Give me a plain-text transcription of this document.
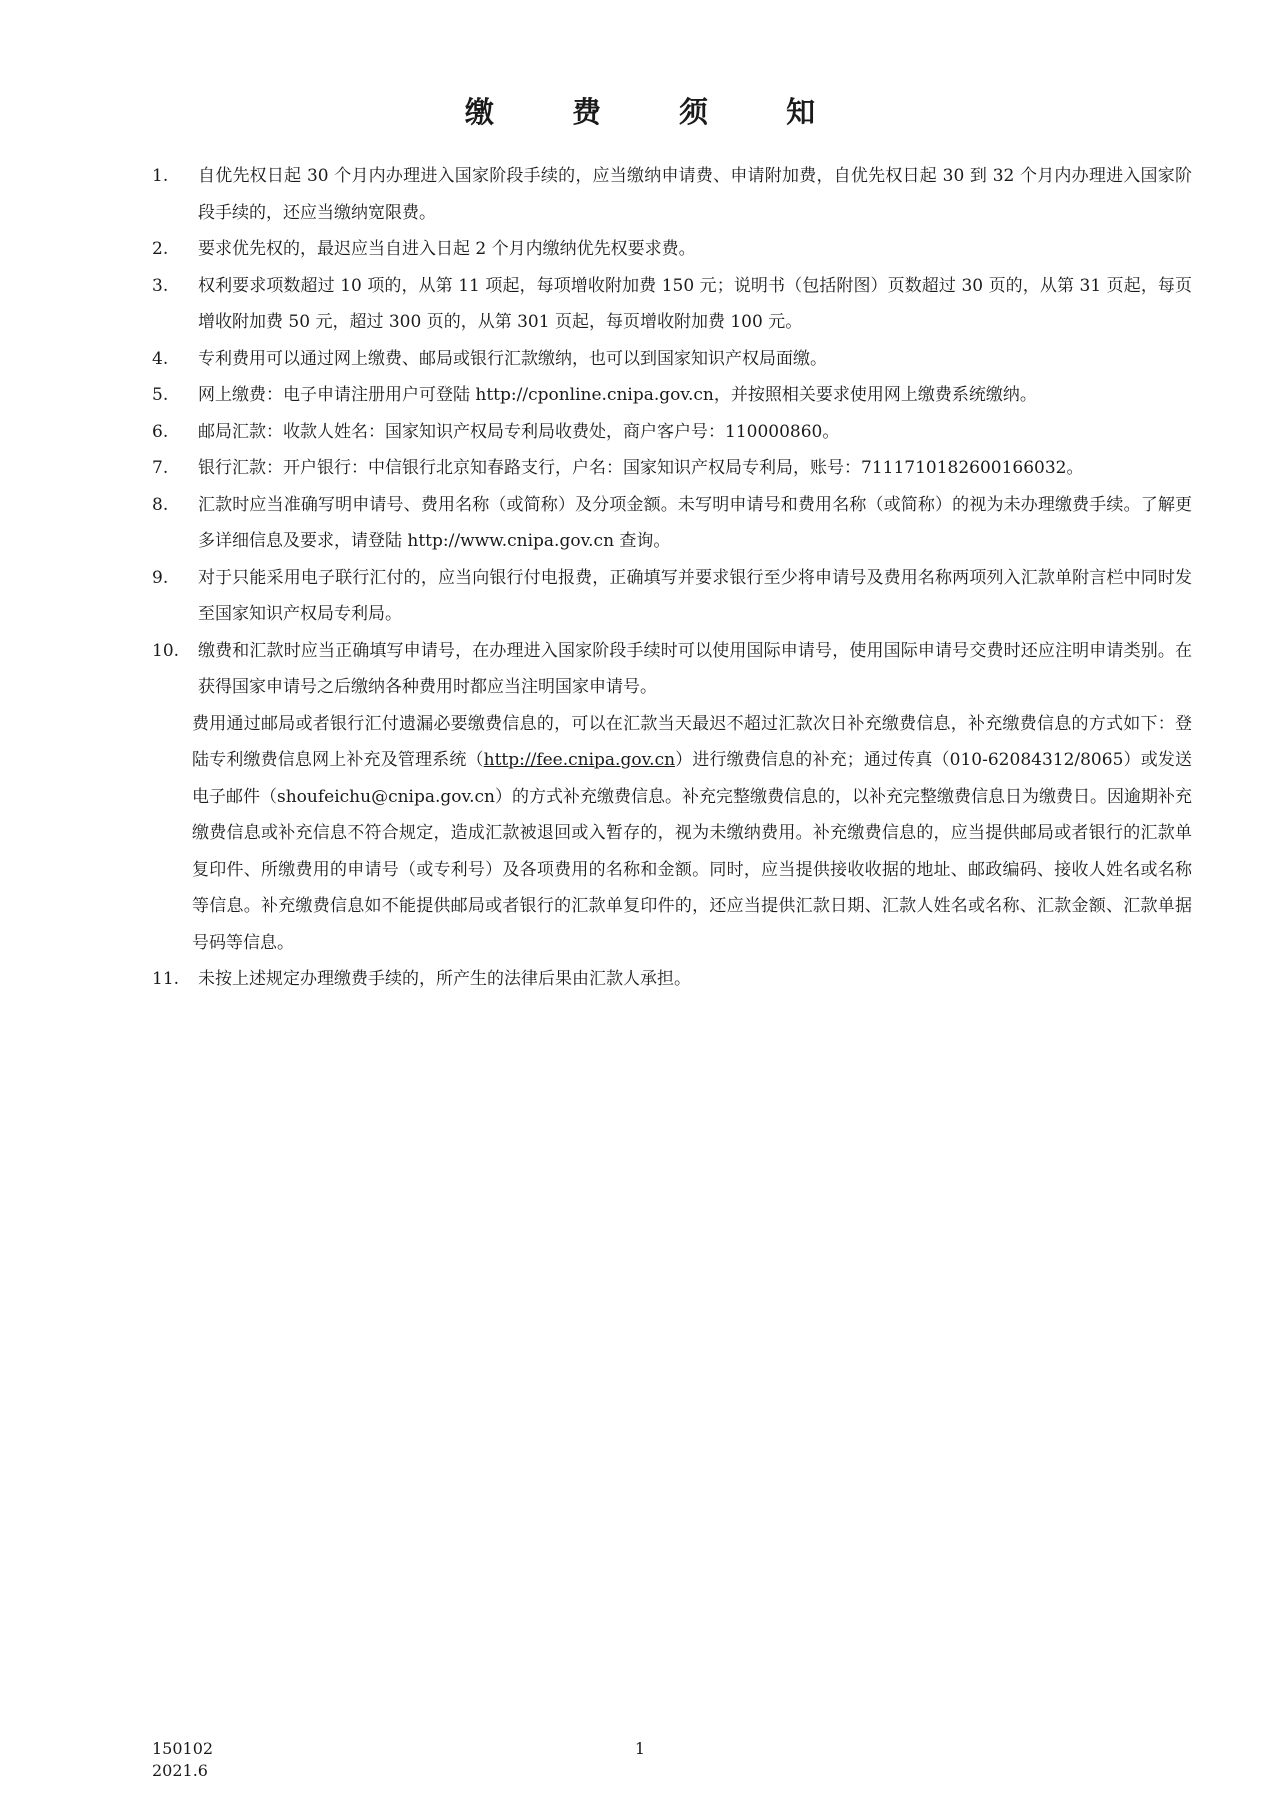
缴 费 须 知
1. 自优先权日起 30 个月内办理进入国家阶段手续的，应当缴纳申请费、申请附加费，自优先权日起 30 到 32 个月内办理进入国家阶段手续的，还应当缴纳宽限费。
2. 要求优先权的，最迟应当自进入日起 2 个月内缴纳优先权要求费。
3. 权利要求项数超过 10 项的，从第 11 项起，每项增收附加费 150 元；说明书（包括附图）页数超过 30 页的，从第 31 页起，每页增收附加费 50 元，超过 300 页的，从第 301 页起，每页增收附加费 100 元。
4. 专利费用可以通过网上缴费、邮局或银行汇款缴纳，也可以到国家知识产权局面缴。
5. 网上缴费：电子申请注册用户可登陆 http://cponline.cnipa.gov.cn，并按照相关要求使用网上缴费系统缴纳。
6. 邮局汇款：收款人姓名：国家知识产权局专利局收费处，商户客户号：110000860。
7. 银行汇款：开户银行：中信银行北京知春路支行，户名：国家知识产权局专利局，账号：7111710182600166032。
8. 汇款时应当准确写明申请号、费用名称（或简称）及分项金额。未写明申请号和费用名称（或简称）的视为未办理缴费手续。了解更多详细信息及要求，请登陆 http://www.cnipa.gov.cn 查询。
9. 对于只能采用电子联行汇付的，应当向银行付电报费，正确填写并要求银行至少将申请号及费用名称两项列入汇款单附言栏中同时发至国家知识产权局专利局。
10. 缴费和汇款时应当正确填写申请号，在办理进入国家阶段手续时可以使用国际申请号，使用国际申请号交费时还应注明申请类别。在获得国家申请号之后缴纳各种费用时都应当注明国家申请号。
费用通过邮局或者银行汇付遗漏必要缴费信息的，可以在汇款当天最迟不超过汇款次日补充缴费信息，补充缴费信息的方式如下：登陆专利缴费信息网上补充及管理系统（http://fee.cnipa.gov.cn）进行缴费信息的补充；通过传真（010-62084312/8065）或发送电子邮件（shoufeichu@cnipa.gov.cn）的方式补充缴费信息。补充完整缴费信息的，以补充完整缴费信息日为缴费日。因逾期补充缴费信息或补充信息不符合规定，造成汇款被退回或入暂存的，视为未缴纳费用。补充缴费信息的，应当提供邮局或者银行的汇款单复印件、所缴费用的申请号（或专利号）及各项费用的名称和金额。同时，应当提供接收收据的地址、邮政编码、接收人姓名或名称等信息。补充缴费信息如不能提供邮局或者银行的汇款单复印件的，还应当提供汇款日期、汇款人姓名或名称、汇款金额、汇款单据号码等信息。
11. 未按上述规定办理缴费手续的，所产生的法律后果由汇款人承担。
150102
2021.6
1
